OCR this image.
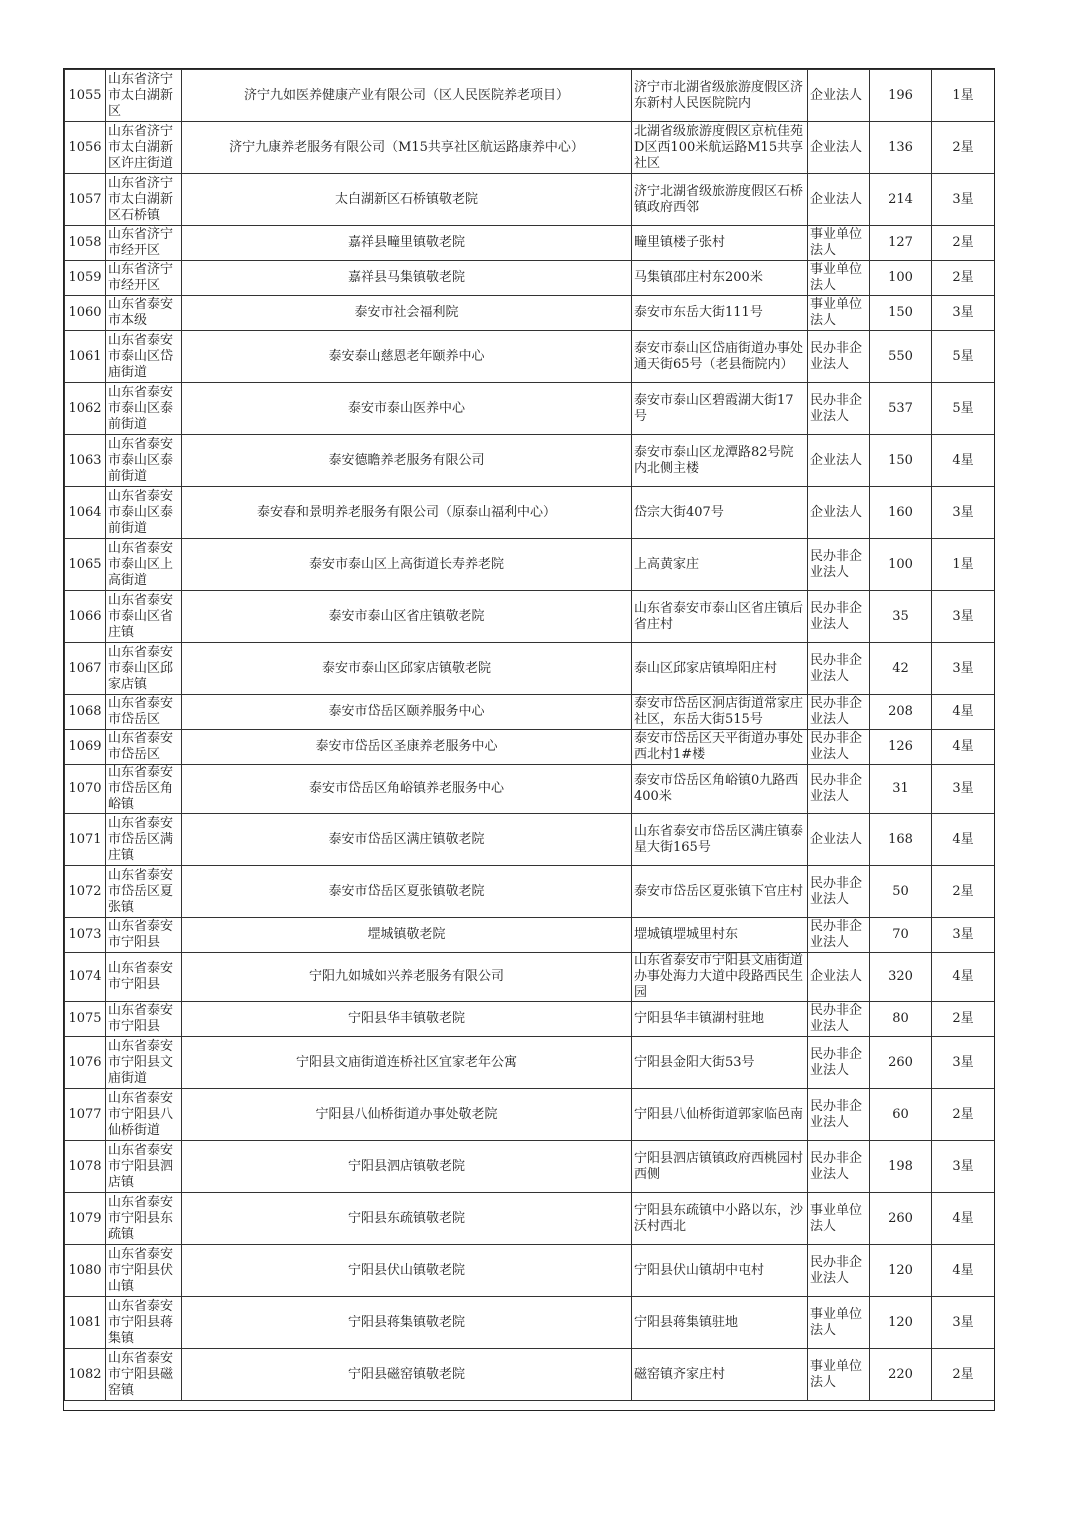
1055	山东省济宁市太白湖新区	济宁九如医养健康产业有限公司（区人民医院养老项目）	济宁市北湖省级旅游度假区济东新村人民医院院内	企业法人	196	1星
1056	山东省济宁市太白湖新区许庄街道	济宁九康养老服务有限公司（M15共享社区航运路康养中心）	北湖省级旅游度假区京杭佳苑D区西100米航运路M15共享社区	企业法人	136	2星
1057	山东省济宁市太白湖新区石桥镇	太白湖新区石桥镇敬老院	济宁北湖省级旅游度假区石桥镇政府西邻	企业法人	214	3星
1058	山东省济宁市经开区	嘉祥县疃里镇敬老院	疃里镇楼子张村	事业单位法人	127	2星
1059	山东省济宁市经开区	嘉祥县马集镇敬老院	马集镇邵庄村东200米	事业单位法人	100	2星
1060	山东省泰安市本级	泰安市社会福利院	泰安市东岳大街111号	事业单位法人	150	3星
1061	山东省泰安市泰山区岱庙街道	泰安泰山慈恩老年颐养中心	泰安市泰山区岱庙街道办事处通天街65号（老县衙院内）	民办非企业法人	550	5星
1062	山东省泰安市泰山区泰前街道	泰安市泰山医养中心	泰安市泰山区碧霞湖大街17号	民办非企业法人	537	5星
1063	山东省泰安市泰山区泰前街道	泰安德瞻养老服务有限公司	泰安市泰山区龙潭路82号院内北侧主楼	企业法人	150	4星
1064	山东省泰安市泰山区泰前街道	泰安春和景明养老服务有限公司（原泰山福利中心）	岱宗大街407号	企业法人	160	3星
1065	山东省泰安市泰山区上高街道	泰安市泰山区上高街道长寿养老院	上高黄家庄	民办非企业法人	100	1星
1066	山东省泰安市泰山区省庄镇	泰安市泰山区省庄镇敬老院	山东省泰安市泰山区省庄镇后省庄村	民办非企业法人	35	3星
1067	山东省泰安市泰山区邱家店镇	泰安市泰山区邱家店镇敬老院	泰山区邱家店镇埠阳庄村	民办非企业法人	42	3星
1068	山东省泰安市岱岳区	泰安市岱岳区颐养服务中心	泰安市岱岳区泂店街道常家庄社区，东岳大街515号	民办非企业法人	208	4星
1069	山东省泰安市岱岳区	泰安市岱岳区圣康养老服务中心	泰安市岱岳区天平街道办事处西北村1#楼	民办非企业法人	126	4星
1070	山东省泰安市岱岳区角峪镇	泰安市岱岳区角峪镇养老服务中心	泰安市岱岳区角峪镇0九路西400米	民办非企业法人	31	3星
1071	山东省泰安市岱岳区满庄镇	泰安市岱岳区满庄镇敬老院	山东省泰安市岱岳区满庄镇泰星大街165号	企业法人	168	4星
1072	山东省泰安市岱岳区夏张镇	泰安市岱岳区夏张镇敬老院	泰安市岱岳区夏张镇下官庄村	民办非企业法人	50	2星
1073	山东省泰安市宁阳县	堽城镇敬老院	堽城镇堽城里村东	民办非企业法人	70	3星
1074	山东省泰安市宁阳县	宁阳九如城如兴养老服务有限公司	山东省泰安市宁阳县文庙街道办事处海力大道中段路西民生园	企业法人	320	4星
1075	山东省泰安市宁阳县	宁阳县华丰镇敬老院	宁阳县华丰镇湖村驻地	民办非企业法人	80	2星
1076	山东省泰安市宁阳县文庙街道	宁阳县文庙街道连桥社区宜家老年公寓	宁阳县金阳大街53号	民办非企业法人	260	3星
1077	山东省泰安市宁阳县八仙桥街道	宁阳县八仙桥街道办事处敬老院	宁阳县八仙桥街道郭家临邑南	民办非企业法人	60	2星
1078	山东省泰安市宁阳县泗店镇	宁阳县泗店镇敬老院	宁阳县泗店镇镇政府西桃园村西侧	民办非企业法人	198	3星
1079	山东省泰安市宁阳县东疏镇	宁阳县东疏镇敬老院	宁阳县东疏镇中小路以东，沙沃村西北	事业单位法人	260	4星
1080	山东省泰安市宁阳县伏山镇	宁阳县伏山镇敬老院	宁阳县伏山镇胡中屯村	民办非企业法人	120	4星
1081	山东省泰安市宁阳县蒋集镇	宁阳县蒋集镇敬老院	宁阳县蒋集镇驻地	事业单位法人	120	3星
1082	山东省泰安市宁阳县磁窑镇	宁阳县磁窑镇敬老院	磁窑镇齐家庄村	事业单位法人	220	2星
